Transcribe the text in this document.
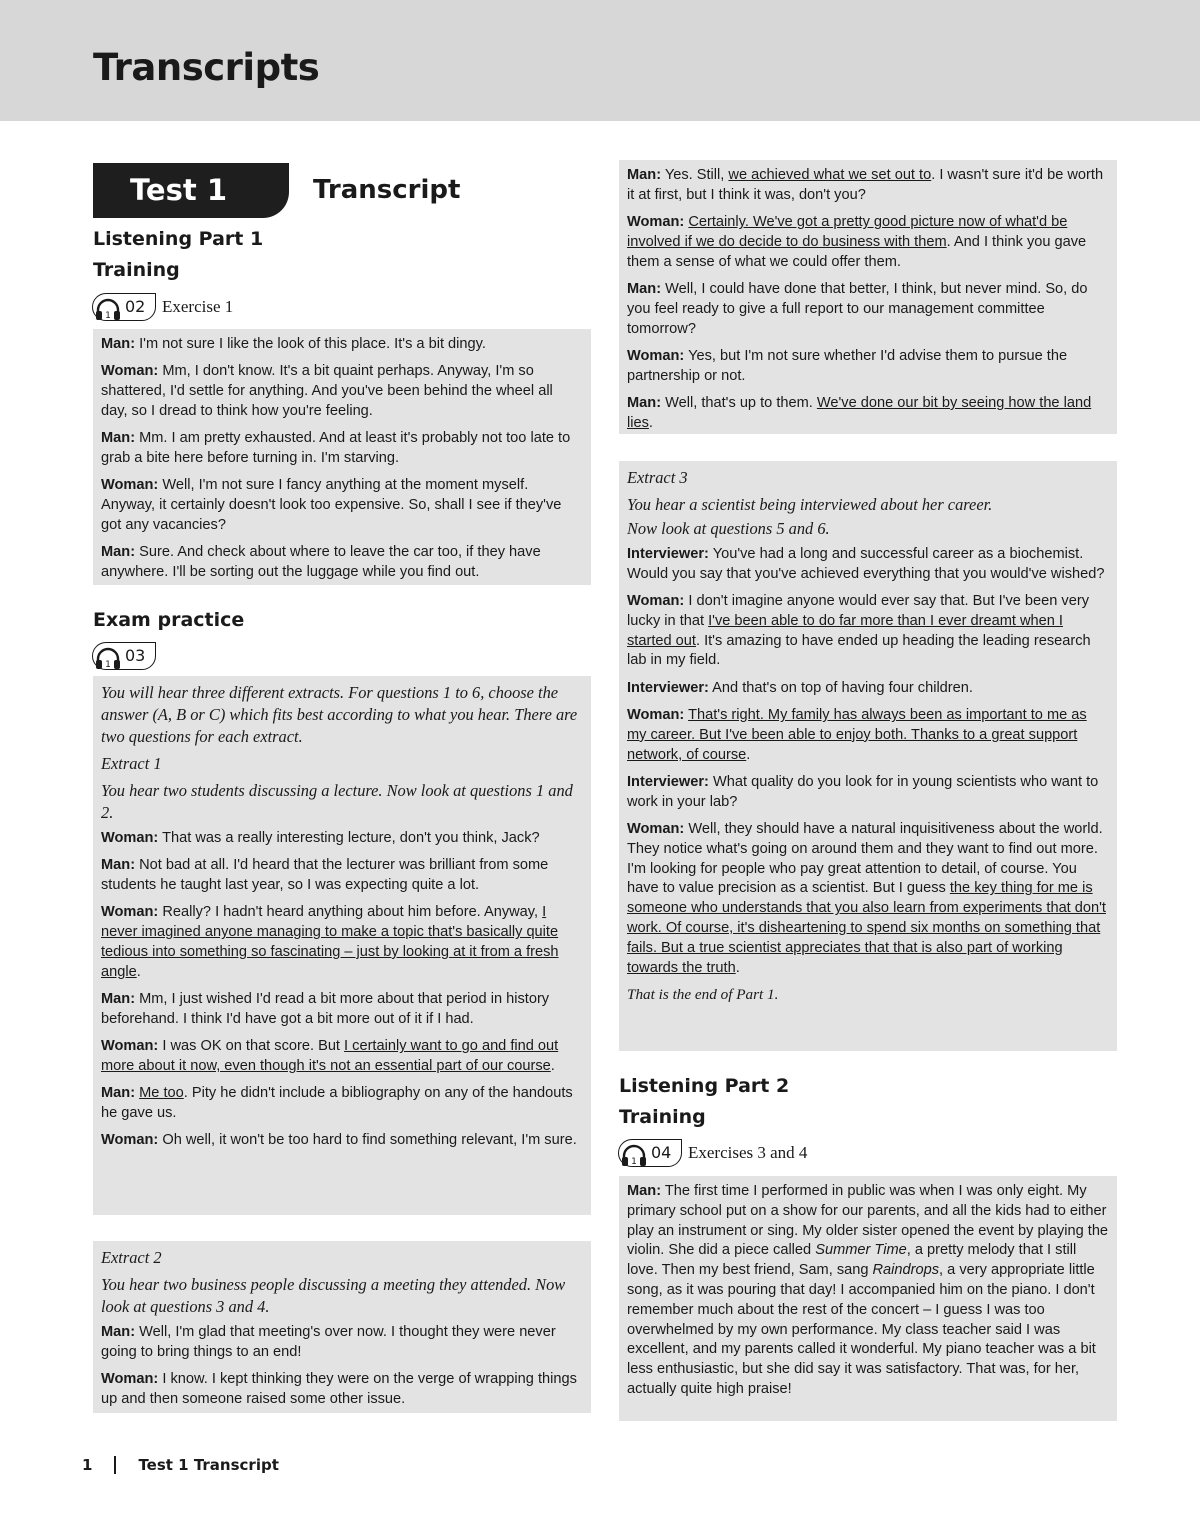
Transcripts
Test 1	Transcript
Listening Part 1
Training
1 02 Exercise 1

Man: I'm not sure I like the look of this place. It's a bit dingy.

Woman: Mm, I don't know. It's a bit quaint perhaps. Anyway, I'm so shattered, I'd settle for anything. And you've been behind the wheel all day, so I dread to think how you're feeling.

Man: Mm. I am pretty exhausted. And at least it's probably not too late to grab a bite here before turning in. I'm starving.

Woman: Well, I'm not sure I fancy anything at the moment myself. Anyway, it certainly doesn't look too expensive. So, shall I see if they've got any vacancies?

Man: Sure. And check about where to leave the car too, if they have anywhere. I'll be sorting out the luggage while you find out.

Exam practice
1 03

You will hear three different extracts. For questions 1 to 6, choose the answer (A, B or C) which fits best according to what you hear. There are two questions for each extract.

Extract 1

You hear two students discussing a lecture. Now look at questions 1 and 2.

Woman: That was a really interesting lecture, don't you think, Jack?

Man: Not bad at all. I'd heard that the lecturer was brilliant from some students he taught last year, so I was expecting quite a lot.

Woman: Really? I hadn't heard anything about him before. Anyway, I never imagined anyone managing to make a topic that's basically quite tedious into something so fascinating – just by looking at it from a fresh angle.

Man: Mm, I just wished I'd read a bit more about that period in history beforehand. I think I'd have got a bit more out of it if I had.

Woman: I was OK on that score. But I certainly want to go and find out more about it now, even though it's not an essential part of our course.

Man: Me too. Pity he didn't include a bibliography on any of the handouts he gave us.

Woman: Oh well, it won't be too hard to find something relevant, I'm sure.

Extract 2

You hear two business people discussing a meeting they attended. Now look at questions 3 and 4.

Man: Well, I'm glad that meeting's over now. I thought they were never going to bring things to an end!

Woman: I know. I kept thinking they were on the verge of wrapping things up and then someone raised some other issue.

Man: Yes. Still, we achieved what we set out to. I wasn't sure it'd be worth it at first, but I think it was, don't you?

Woman: Certainly. We've got a pretty good picture now of what'd be involved if we do decide to do business with them. And I think you gave them a sense of what we could offer them.

Man: Well, I could have done that better, I think, but never mind. So, do you feel ready to give a full report to our management committee tomorrow?

Woman: Yes, but I'm not sure whether I'd advise them to pursue the partnership or not.

Man: Well, that's up to them. We've done our bit by seeing how the land lies.

Extract 3

You hear a scientist being interviewed about her career.

Now look at questions 5 and 6.

Interviewer: You've had a long and successful career as a biochemist. Would you say that you've achieved everything that you would've wished?

Woman: I don't imagine anyone would ever say that. But I've been very lucky in that I've been able to do far more than I ever dreamt when I started out. It's amazing to have ended up heading the leading research lab in my field.

Interviewer: And that's on top of having four children.

Woman: That's right. My family has always been as important to me as my career. But I've been able to enjoy both. Thanks to a great support network, of course.

Interviewer: What quality do you look for in young scientists who want to work in your lab?

Woman: Well, they should have a natural inquisitiveness about the world. They notice what's going on around them and they want to find out more. I'm looking for people who pay great attention to detail, of course. You have to value precision as a scientist. But I guess the key thing for me is someone who understands that you also learn from experiments that don't work. Of course, it's disheartening to spend six months on something that fails. But a true scientist appreciates that that is also part of working towards the truth.

That is the end of Part 1.

Listening Part 2
Training
1 04 Exercises 3 and 4

Man: The first time I performed in public was when I was only eight. My primary school put on a show for our parents, and all the kids had to either play an instrument or sing. My older sister opened the event by playing the violin. She did a piece called Summer Time, a pretty melody that I still love. Then my best friend, Sam, sang Raindrops, a very appropriate little song, as it was pouring that day! I accompanied him on the piano. I don't remember much about the rest of the concert – I guess I was too overwhelmed by my own performance. My class teacher said I was excellent, and my parents called it wonderful. My piano teacher was a bit less enthusiastic, but she did say it was satisfactory. That was, for her, actually quite high praise!

1	Test 1 Transcript
